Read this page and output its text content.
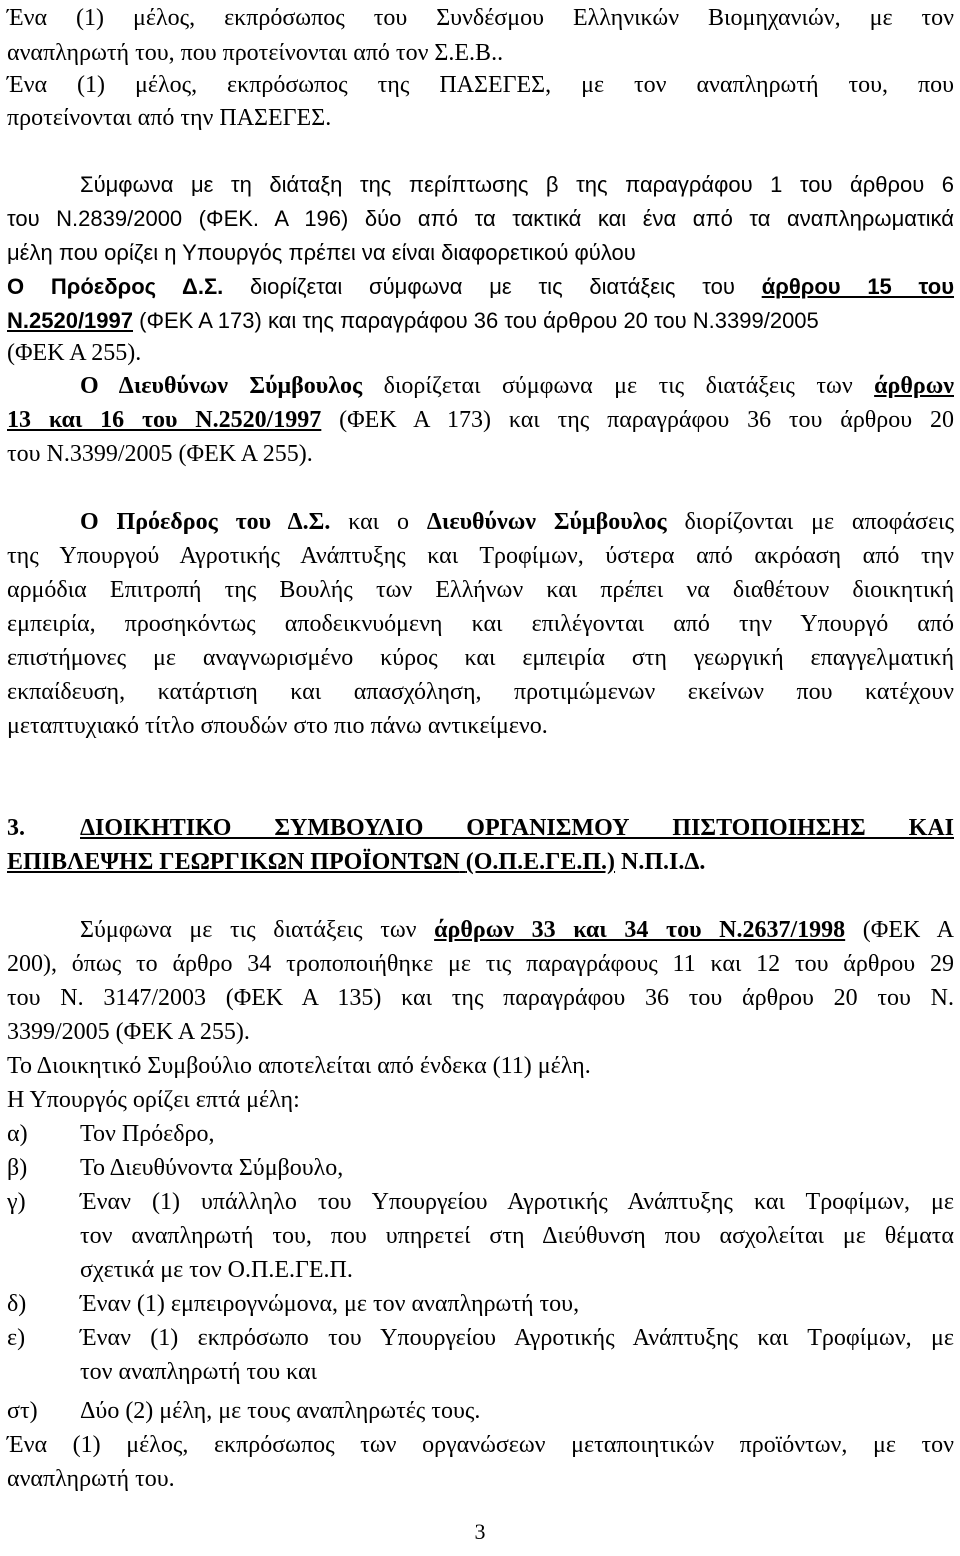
Ένα (1) μέλος, εκπρόσωπος του Συνδέσμου Ελληνικών Βιομηχανιών, με τον
αναπληρωτή του, που προτείνονται από τον Σ.Ε.Β..
Ένα (1) μέλος, εκπρόσωπος της ΠΑΣΕΓΕΣ, με τον αναπληρωτή του, που
προτείνονται από την ΠΑΣΕΓΕΣ.
Σύμφωνα με τη διάταξη της περίπτωσης β της παραγράφου 1 του άρθρου 6
του Ν.2839/2000 (ΦΕΚ. Α 196) δύο από τα τακτικά και ένα από τα αναπληρωματικά
μέλη που ορίζει η Υπουργός πρέπει να είναι διαφορετικού φύλου
Ο Πρόεδρος Δ.Σ. διορίζεται σύμφωνα με τις διατάξεις του άρθρου 15 του
Ν.2520/1997 (ΦΕΚ Α 173) και της παραγράφου 36 του άρθρου 20 του Ν.3399/2005
(ΦΕΚ Α 255).
Ο Διευθύνων Σύμβουλος διορίζεται σύμφωνα με τις διατάξεις των άρθρων
13 και 16 του Ν.2520/1997 (ΦΕΚ Α 173) και της παραγράφου 36 του άρθρου 20
του Ν.3399/2005 (ΦΕΚ Α 255).
Ο Πρόεδρος του Δ.Σ. και ο Διευθύνων Σύμβουλος διορίζονται με αποφάσεις
της Υπουργού Αγροτικής Ανάπτυξης και Τροφίμων, ύστερα από ακρόαση από την
αρμόδια Επιτροπή της Βουλής των Ελλήνων και πρέπει να διαθέτουν διοικητική
εμπειρία, προσηκόντως αποδεικνυόμενη και επιλέγονται από την Υπουργό από
επιστήμονες με αναγνωρισμένο κύρος και εμπειρία στη γεωργική επαγγελματική
εκπαίδευση, κατάρτιση και απασχόληση, προτιμώμενων εκείνων που κατέχουν
μεταπτυχιακό τίτλο σπουδών στο πιο πάνω αντικείμενο.
3. ΔΙΟΙΚΗΤΙΚΟ ΣΥΜΒΟΥΛΙΟ ΟΡΓΑΝΙΣΜΟΥ ΠΙΣΤΟΠΟΙΗΣΗΣ ΚΑΙ
ΕΠΙΒΛΕΨΗΣ ΓΕΩΡΓΙΚΩΝ ΠΡΟΪΟΝΤΩΝ (Ο.Π.Ε.ΓΕ.Π.) Ν.Π.Ι.Δ.
Σύμφωνα με τις διατάξεις των άρθρων 33 και 34 του Ν.2637/1998 (ΦΕΚ Α
200), όπως το άρθρο 34 τροποποιήθηκε με τις παραγράφους 11 και 12 του άρθρου 29
του Ν. 3147/2003 (ΦΕΚ Α 135) και της παραγράφου 36 του άρθρου 20 του Ν.
3399/2005 (ΦΕΚ Α 255).
Το Διοικητικό Συμβούλιο αποτελείται από ένδεκα (11) μέλη.
Η Υπουργός ορίζει επτά μέλη:
α) Τον Πρόεδρο,
β) Το Διευθύνοντα Σύμβουλο,
γ) Έναν (1) υπάλληλο του Υπουργείου Αγροτικής Ανάπτυξης και Τροφίμων, με
τον αναπληρωτή του, που υπηρετεί στη Διεύθυνση που ασχολείται με θέματα
σχετικά με τον Ο.Π.Ε.ΓΕ.Π.
δ) Έναν (1) εμπειρογνώμονα, με τον αναπληρωτή του,
ε) Έναν (1) εκπρόσωπο του Υπουργείου Αγροτικής Ανάπτυξης και Τροφίμων, με
τον αναπληρωτή του και
στ) Δύο (2) μέλη, με τους αναπληρωτές τους.
Ένα (1) μέλος, εκπρόσωπος των οργανώσεων μεταποιητικών προϊόντων, με τον
αναπληρωτή του.
3
